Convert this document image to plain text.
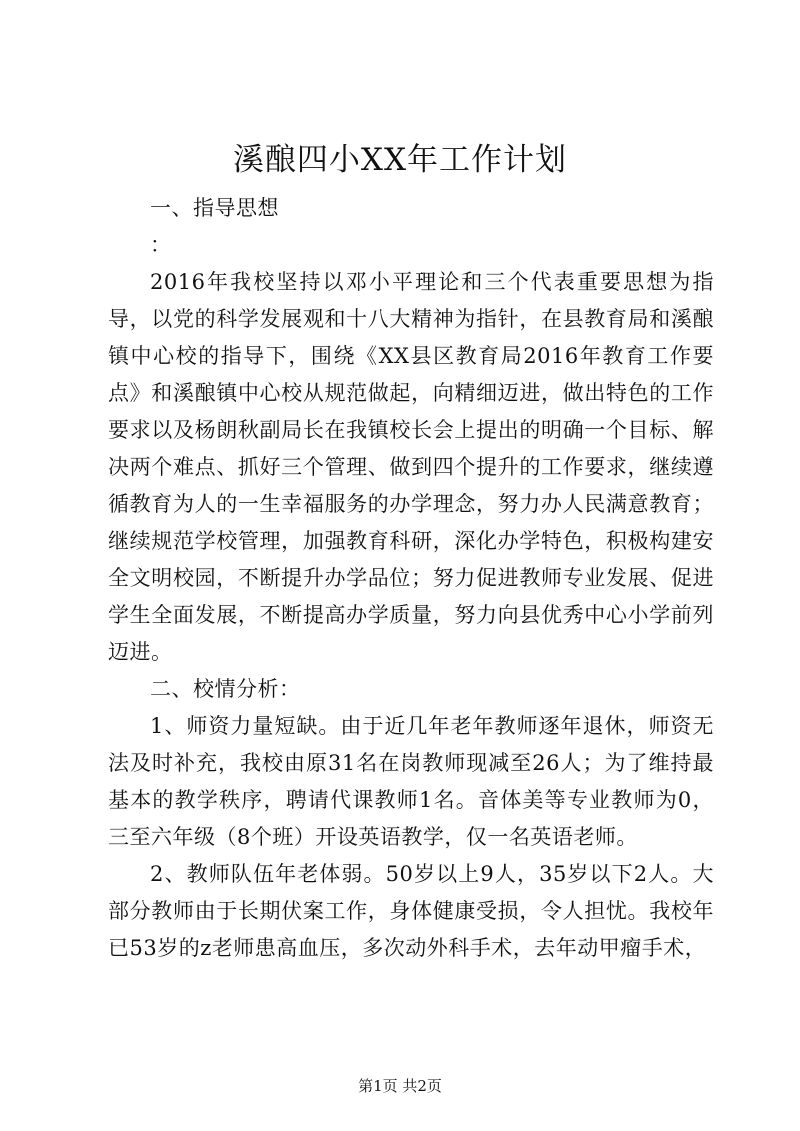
溪酿四小XX年工作计划

一、指导思想

：

2016年我校坚持以邓小平理论和三个代表重要思想为指导，以党的科学发展观和十八大精神为指针，在县教育局和溪酿镇中心校的指导下，围绕《XX县区教育局2016年教育工作要点》和溪酿镇中心校从规范做起，向精细迈进，做出特色的工作要求以及杨朗秋副局长在我镇校长会上提出的明确一个目标、解决两个难点、抓好三个管理、做到四个提升的工作要求，继续遵循教育为人的一生幸福服务的办学理念，努力办人民满意教育；继续规范学校管理，加强教育科研，深化办学特色，积极构建安全文明校园，不断提升办学品位；努力促进教师专业发展、促进学生全面发展，不断提高办学质量，努力向县优秀中心小学前列迈进。

二、校情分析：

1、师资力量短缺。由于近几年老年教师逐年退休，师资无法及时补充，我校由原31名在岗教师现减至26人；为了维持最基本的教学秩序，聘请代课教师1名。音体美等专业教师为0，三至六年级（8个班）开设英语教学，仅一名英语老师。

2、教师队伍年老体弱。50岁以上9人，35岁以下2人。大部分教师由于长期伏案工作，身体健康受损，令人担忧。我校年已53岁的z老师患高血压，多次动外科手术，去年动甲瘤手术，

第1页 共2页
